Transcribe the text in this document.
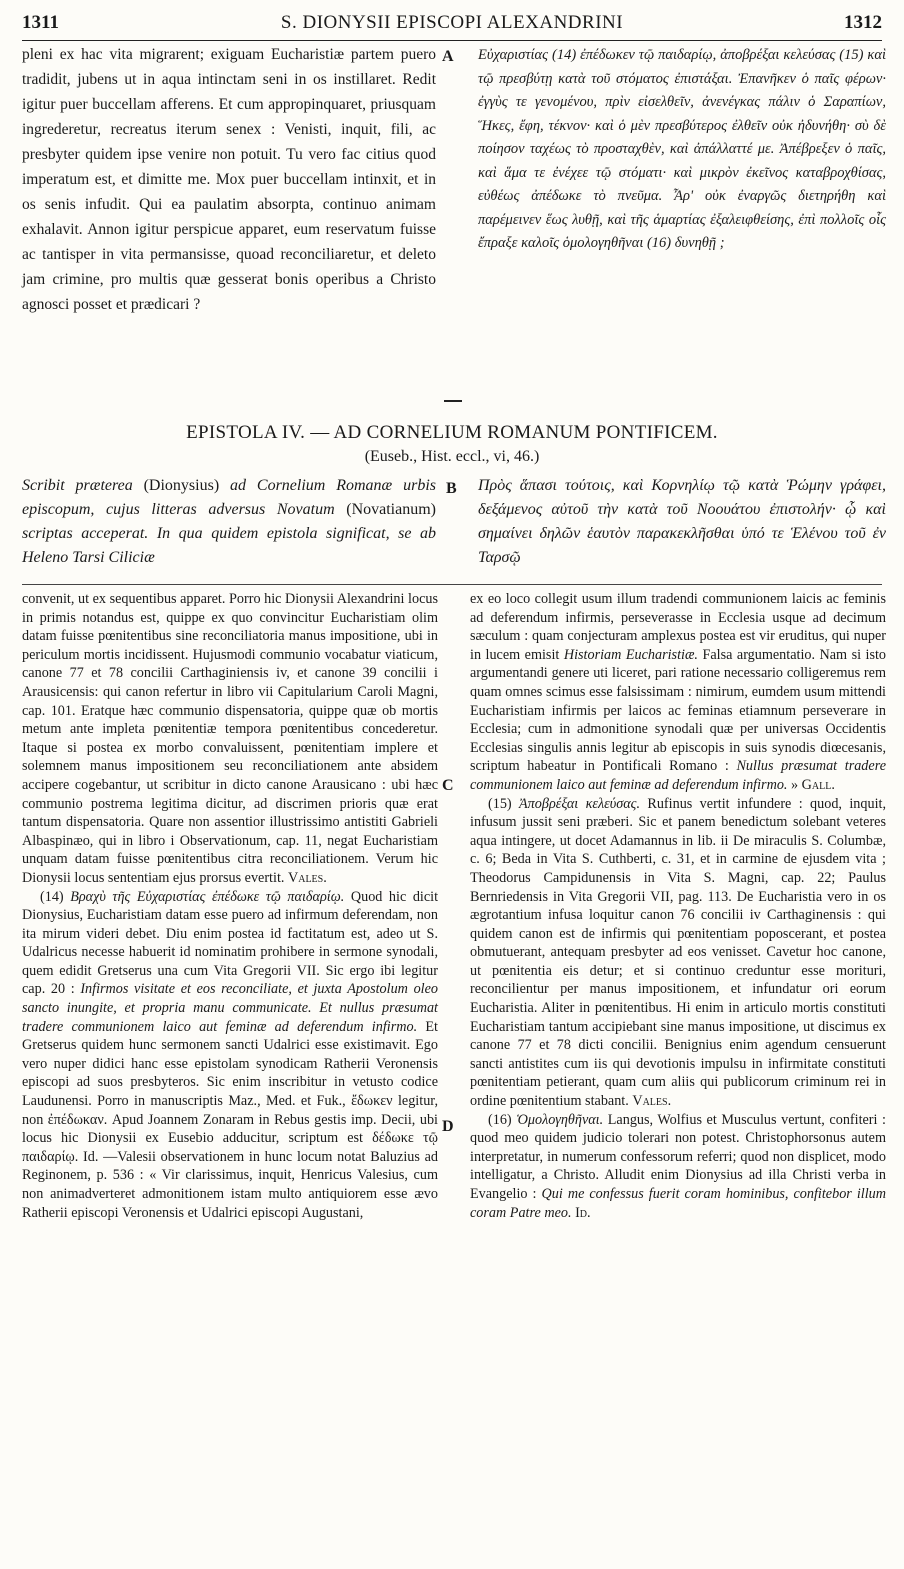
1311	S. DIONYSII EPISCOPI ALEXANDRINI	1312

pleni ex hac vita migrarent; exiguam Eucharistiæ partem puero tradidit, jubens ut in aqua intinctam seni in os instillaret. Redit igitur puer buccellam afferens. Et cum appropinquaret, priusquam ingrederetur, recreatus iterum senex : Venisti, inquit, fili, ac presbyter quidem ipse venire non potuit. Tu vero fac citius quod imperatum est, et dimitte me. Mox puer buccellam intinxit, et in os senis infudit. Qui ea paulatim absorpta, continuo animam exhalavit. Annon igitur perspicue apparet, eum reservatum fuisse ac tantisper in vita permansisse, quoad reconciliaretur, et deleto jam crimine, pro multis quæ gesserat bonis operibus a Christo agnosci posset et prædicari ?

A Εὐχαριστίας (14) ἐπέδωκεν τῷ παιδαρίῳ, ἀποβρέξαι κελεύσας (15) καὶ τῷ πρεσβύτῃ κατὰ τοῦ στόματος ἐπιστάξαι. Ἐπανῆκεν ὁ παῖς φέρων· ἐγγὺς τε γενομένου, πρὶν εἰσελθεῖν, ἀνενέγκας πάλιν ὁ Σαραπίων, Ἥκες, ἔφη, τέκνον· καὶ ὁ μὲν πρεσβύτερος ἐλθεῖν οὐκ ἠδυνήθη· σὺ δὲ ποίησον ταχέως τὸ προσταχθὲν, καὶ ἀπάλλαττέ με. Ἀπέβρεξεν ὁ παῖς, καὶ ἅμα τε ἐνέχεε τῷ στόματι· καὶ μικρὸν ἐκεῖνος καταβροχθίσας, εὐθέως ἀπέδωκε τὸ πνεῦμα. Ἆρ' οὐκ ἐναργῶς διετηρήθη καὶ παρέμεινεν ἕως λυθῇ, καὶ τῆς ἁμαρτίας ἐξαλειφθείσης, ἐπὶ πολλοῖς οἷς ἔπραξε καλοῖς ὁμολογηθῆναι (16) δυνηθῇ ;

EPISTOLA IV. — AD CORNELIUM ROMANUM PONTIFICEM.
(Euseb., Hist. eccl., vi, 46.)

Scribit præterea (Dionysius) ad Cornelium Romanæ urbis episcopum, cujus litteras adversus Novatum (Novatianum) scriptas acceperat. In qua quidem epistola significat, se ab Heleno Tarsi Ciliciæ

B Πρὸς ἅπασι τούτοις, καὶ Κορνηλίῳ τῷ κατὰ Ῥώμην γράφει, δεξάμενος αὐτοῦ τὴν κατὰ τοῦ Νοουάτου ἐπιστολήν· ᾧ καὶ σημαίνει δηλῶν ἑαυτὸν παρακεκλῆσθαι ὑπό τε Ἑλένου τοῦ ἐν Ταρσῷ

convenit, ut ex sequentibus apparet. Porro hic Dionysii Alexandrini locus in primis notandus est, quippe ex quo convincitur Eucharistiam olim datam fuisse pœnitentibus sine reconciliatoria manus impositione, ubi in periculum mortis incidissent. Hujusmodi communio vocabatur viaticum, canone 77 et 78 concilii Carthaginiensis iv, et canone 39 concilii i Arausicensis: qui canon refertur in libro vii Capitularium Caroli Magni, cap. 101. Eratque hæc communio dispensatoria, quippe quæ ob mortis metum ante impleta pœnitentiæ tempora pœnitentibus concederetur. Itaque si postea ex morbo convaluissent, pœnitentiam implere et solemnem manus impositionem seu reconciliationem ante absidem accipere cogebantur, ut scribitur in dicto canone Arausicano : ubi hæc communio postrema legitima dicitur, ad discrimen prioris quæ erat tantum dispensatoria. Quare non assentior illustrissimo antistiti Gabrieli Albaspinæo, qui in libro i Observationum, cap. 11, negat Eucharistiam unquam datam fuisse pœnitentibus citra reconciliationem. Verum hic Dionysii locus sententiam ejus prorsus evertit. Vales.

(14) Βραχὺ τῆς Εὐχαριστίας ἐπέδωκε τῷ παιδαρίῳ. Quod hic dicit Dionysius, Eucharistiam datam esse puero ad infirmum deferendam, non ita mirum videri debet. Diu enim postea id factitatum est, adeo ut S. Udalricus necesse habuerit id nominatim prohibere in sermone synodali, quem edidit Gretserus una cum Vita Gregorii VII. Sic ergo ibi legitur cap. 20 : Infirmos visitate et eos reconciliate, et juxta Apostolum oleo sancto inungite, et propria manu communicate. Et nullus præsumat tradere communionem laico aut feminæ ad deferendum infirmo. Et Gretserus quidem hunc sermonem sancti Udalrici esse existimavit. Ego vero nuper didici hanc esse epistolam synodicam Ratherii Veronensis episcopi ad suos presbyteros. Sic enim inscribitur in vetusto codice Laudunensi. Porro in manuscriptis Maz., Med. et Fuk., ἔδωκεν legitur, non ἐπέδωκαν. Apud Joannem Zonaram in Rebus gestis imp. Decii, ubi locus hic Dionysii ex Eusebio adducitur, scriptum est δέδωκε τῷ παιδαρίῳ. Id. —Valesii observationem in hunc locum notat Baluzius ad Reginonem, p. 536 : « Vir clarissimus, inquit, Henricus Valesius, cum non animadverteret admonitionem istam multo antiquiorem esse ævo Ratherii episcopi Veronensis et Udalrici episcopi Augustani,

C
D

ex eo loco collegit usum illum tradendi communionem laicis ac feminis ad deferendum infirmis, perseverasse in Ecclesia usque ad decimum sæculum : quam conjecturam amplexus postea est vir eruditus, qui nuper in lucem emisit Historiam Eucharistiæ. Falsa argumentatio. Nam si isto argumentandi genere uti liceret, pari ratione necessario colligeremus rem quam omnes scimus esse falsissimam : nimirum, eumdem usum mittendi Eucharistiam infirmis per laicos ac feminas etiamnum perseverare in Ecclesia; cum in admonitione synodali quæ per universas Occidentis Ecclesias singulis annis legitur ab episcopis in suis synodis diœcesanis, scriptum habeatur in Pontificali Romano : Nullus præsumat tradere communionem laico aut feminæ ad deferendum infirmo. » Gall.

(15) Ἀποβρέξαι κελεύσας. Rufinus vertit infundere : quod, inquit, infusum jussit seni præberi. Sic et panem benedictum solebant veteres aqua intingere, ut docet Adamannus in lib. ii De miraculis S. Columbæ, c. 6; Beda in Vita S. Cuthberti, c. 31, et in carmine de ejusdem vita ; Theodorus Campidunensis in Vita S. Magni, cap. 22; Paulus Bernriedensis in Vita Gregorii VII, pag. 113. De Eucharistia vero in os ægrotantium infusa loquitur canon 76 concilii iv Carthaginensis : qui quidem canon est de infirmis qui pœnitentiam poposcerant, et postea obmutuerant, antequam presbyter ad eos venisset. Cavetur hoc canone, ut pœnitentia eis detur; et si continuo creduntur esse morituri, reconcilientur per manus impositionem, et infundatur ori eorum Eucharistia. Aliter in pœnitentibus. Hi enim in articulo mortis constituti Eucharistiam tantum accipiebant sine manus impositione, ut discimus ex canone 77 et 78 dicti concilii. Benignius enim agendum censuerunt sancti antistites cum iis qui devotionis impulsu in infirmitate constituti pœnitentiam petierant, quam cum aliis qui publicorum criminum rei in ordine pœnitentium stabant. Vales.

(16) Ὁμολογηθῆναι. Langus, Wolfius et Musculus vertunt, confiteri : quod meo quidem judicio tolerari non potest. Christophorsonus autem interpretatur, in numerum confessorum referri; quod non displicet, modo intelligatur, a Christo. Alludit enim Dionysius ad illa Christi verba in Evangelio : Qui me confessus fuerit coram hominibus, confitebor illum coram Patre meo. Id.
